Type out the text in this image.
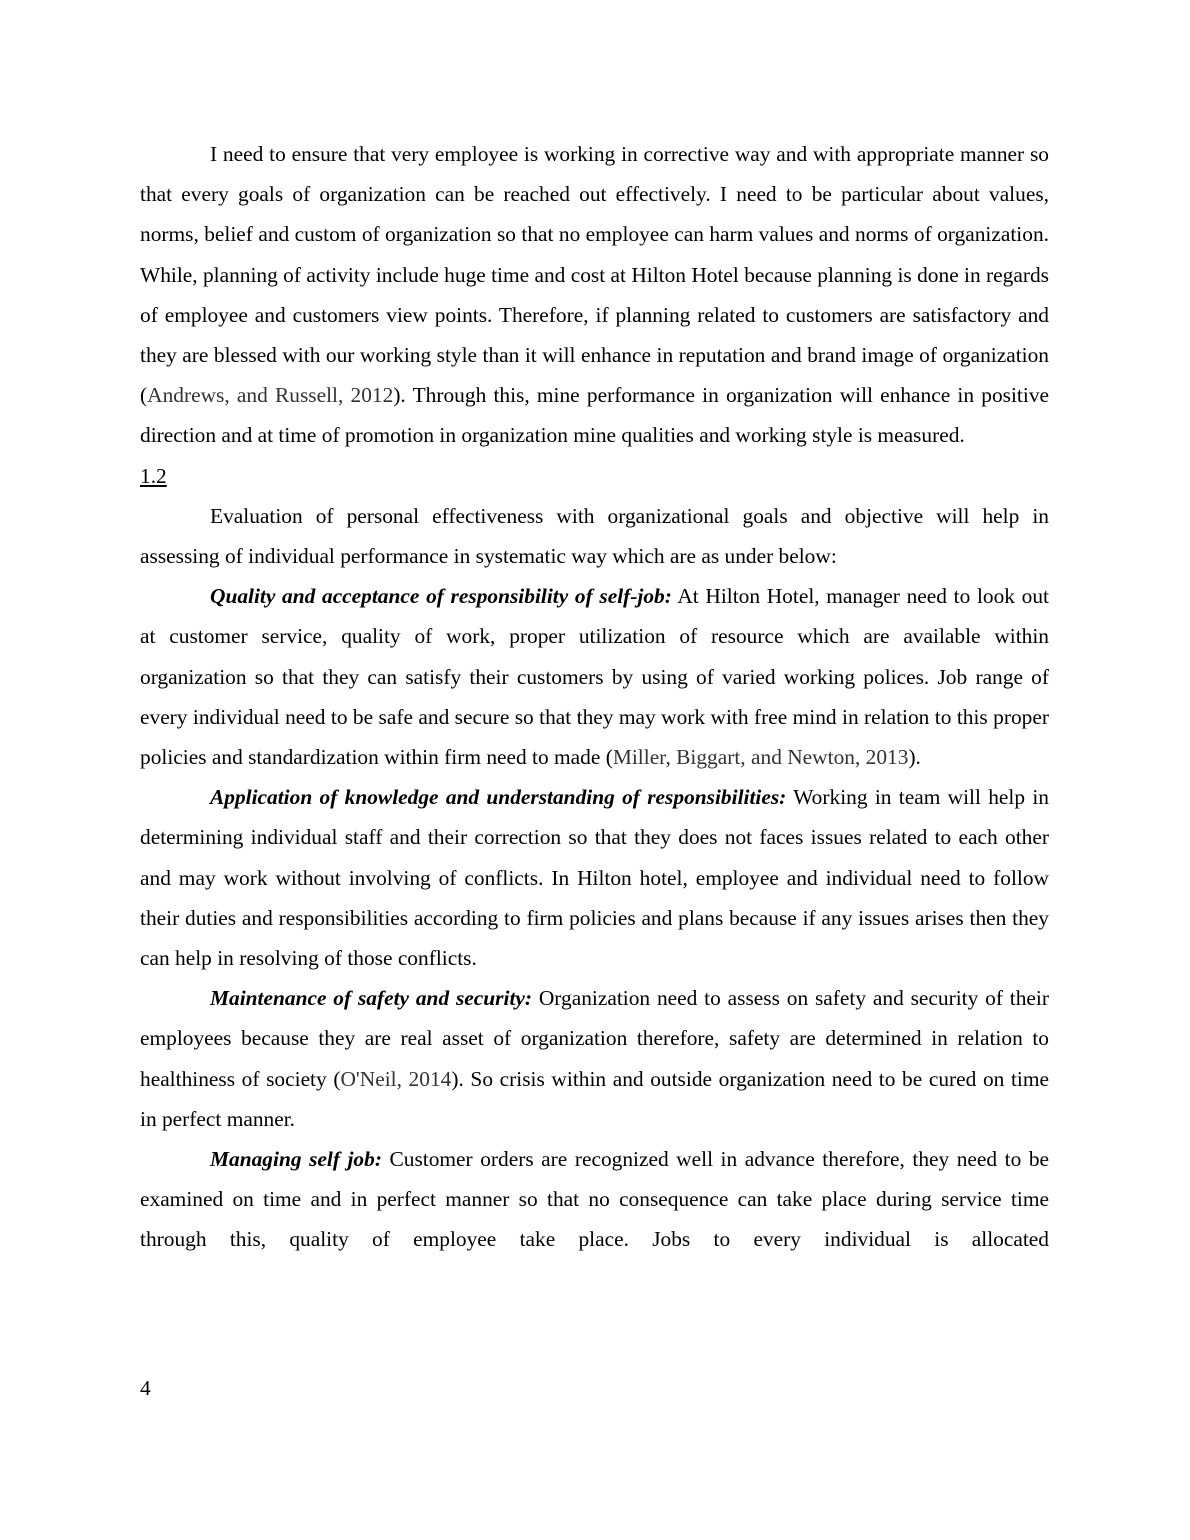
I need to ensure that very employee is working in corrective way and with appropriate manner so that every goals of organization can be reached out effectively. I need to be particular about values, norms, belief and custom of organization so that no employee can harm values and norms of organization. While, planning of activity include huge time and cost at Hilton Hotel because planning is done in regards of employee and customers view points. Therefore, if planning related to customers are satisfactory and they are blessed with our working style than it will enhance in reputation and brand image of organization (Andrews, and Russell, 2012). Through this, mine performance in organization will enhance in positive direction and at time of promotion in organization mine qualities and working style is measured.

1.2

Evaluation of personal effectiveness with organizational goals and objective will help in assessing of individual performance in systematic way which are as under below:

Quality and acceptance of responsibility of self-job: At Hilton Hotel, manager need to look out at customer service, quality of work, proper utilization of resource which are available within organization so that they can satisfy their customers by using of varied working polices. Job range of every individual need to be safe and secure so that they may work with free mind in relation to this proper policies and standardization within firm need to made (Miller, Biggart, and Newton, 2013).

Application of knowledge and understanding of responsibilities: Working in team will help in determining individual staff and their correction so that they does not faces issues related to each other and may work without involving of conflicts. In Hilton hotel, employee and individual need to follow their duties and responsibilities according to firm policies and plans because if any issues arises then they can help in resolving of those conflicts.

Maintenance of safety and security: Organization need to assess on safety and security of their employees because they are real asset of organization therefore, safety are determined in relation to healthiness of society (O'Neil, 2014). So crisis within and outside organization need to be cured on time in perfect manner.

Managing self job: Customer orders are recognized well in advance therefore, they need to be examined on time and in perfect manner so that no consequence can take place during service time through this, quality of employee take place. Jobs to every individual is allocated

4
